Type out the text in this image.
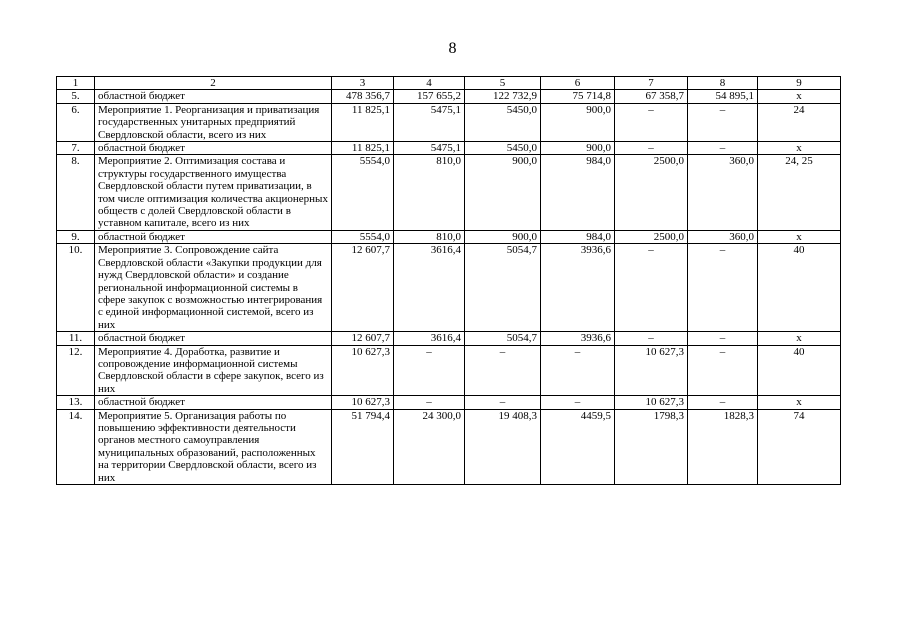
8
1	2	3	4	5	6	7	8	9
5.	областной бюджет	478 356,7	157 655,2	122 732,9	75 714,8	67 358,7	54 895,1	х
6.	Мероприятие 1. Реорганизация и приватизация государственных унитарных предприятий Свердловской области, всего из них	11 825,1	5475,1	5450,0	900,0	–	–	24
7.	областной бюджет	11 825,1	5475,1	5450,0	900,0	–	–	х
8.	Мероприятие 2. Оптимизация состава и структуры государственного имущества Свердловской области путем приватизации, в том числе оптимизация количества акционерных обществ с долей Свердловской области в уставном капитале, всего из них	5554,0	810,0	900,0	984,0	2500,0	360,0	24, 25
9.	областной бюджет	5554,0	810,0	900,0	984,0	2500,0	360,0	х
10.	Мероприятие 3. Сопровождение сайта Свердловской области «Закупки продукции для нужд Свердловской области» и создание региональной информационной системы в сфере закупок с возможностью интегрирования с единой информационной системой, всего из них	12 607,7	3616,4	5054,7	3936,6	–	–	40
11.	областной бюджет	12 607,7	3616,4	5054,7	3936,6	–	–	х
12.	Мероприятие 4. Доработка, развитие и сопровождение информационной системы Свердловской области в сфере закупок, всего из них	10 627,3	–	–	–	10 627,3	–	40
13.	областной бюджет	10 627,3	–	–	–	10 627,3	–	х
14.	Мероприятие 5. Организация работы по повышению эффективности деятельности органов местного самоуправления муниципальных образований, расположенных на территории Свердловской области, всего из них	51 794,4	24 300,0	19 408,3	4459,5	1798,3	1828,3	74
